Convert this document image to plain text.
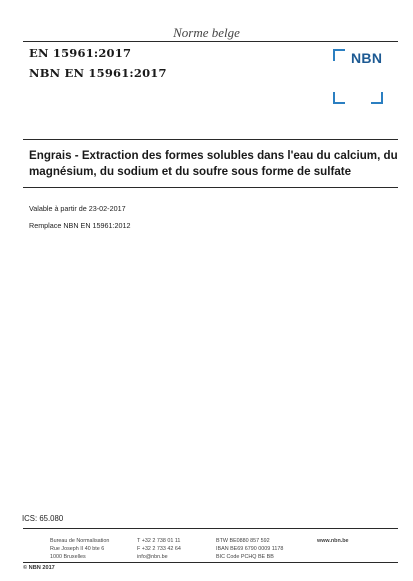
Norme belge
EN 15961:2017
NBN EN 15961:2017
NBN
Engrais - Extraction des formes solubles dans l'eau du calcium, du magnésium, du sodium et du soufre sous forme de sulfate
Valable à partir de 23-02-2017
Remplace NBN EN 15961:2012
ICS: 65.080
Bureau de Normalisation
Rue Joseph II 40 bte 6
1000 Bruxelles
T +32 2 738 01 11
F +32 2 733 42 64
info@nbn.be
BTW BE0880 857 592
IBAN BE69 6790 0009 1178
BIC Code PCHQ BE BB
www.nbn.be
© NBN 2017
